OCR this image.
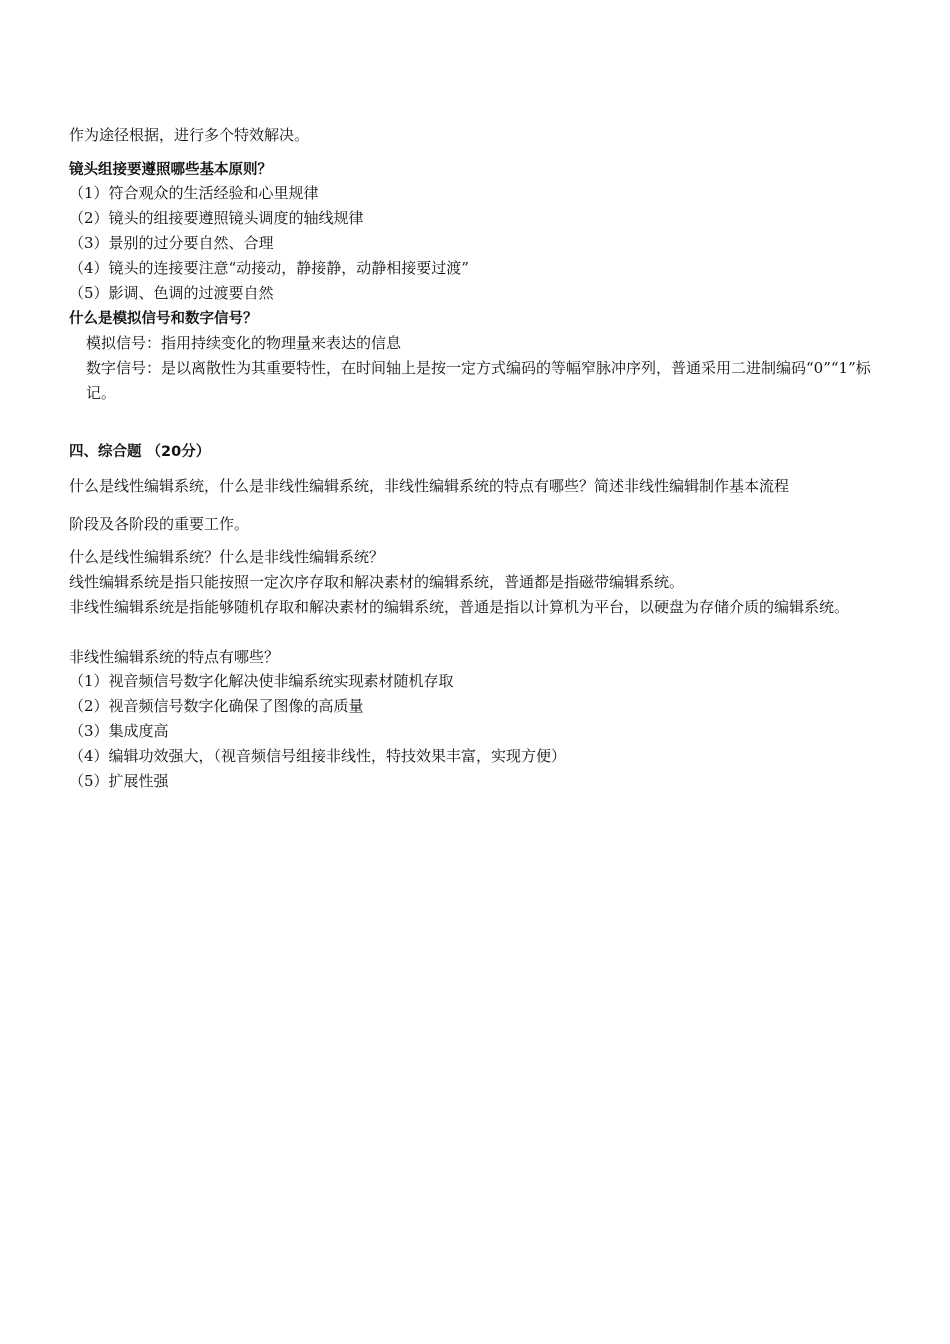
作为途径根据，进行多个特效解决。
镜头组接要遵照哪些基本原则？
（1）符合观众的生活经验和心里规律
（2）镜头的组接要遵照镜头调度的轴线规律
（3）景别的过分要自然、合理
（4）镜头的连接要注意“动接动，静接静，动静相接要过渡”
（5）影调、色调的过渡要自然
什么是模拟信号和数字信号？
模拟信号：指用持续变化的物理量来表达的信息
数字信号：是以离散性为其重要特性，在时间轴上是按一定方式编码的等幅窄脉冲序列，普通采用二进制编码“0”“1”标记。
四、综合题 （20分）
什么是线性编辑系统，什么是非线性编辑系统，非线性编辑系统的特点有哪些？简述非线性编辑制作基本流程
阶段及各阶段的重要工作。
什么是线性编辑系统？什么是非线性编辑系统？
线性编辑系统是指只能按照一定次序存取和解决素材的编辑系统，普通都是指磁带编辑系统。
非线性编辑系统是指能够随机存取和解决素材的编辑系统，普通是指以计算机为平台，以硬盘为存储介质的编辑系统。
非线性编辑系统的特点有哪些？
（1）视音频信号数字化解决使非编系统实现素材随机存取
（2）视音频信号数字化确保了图像的高质量
（3）集成度高
（4）编辑功效强大，（视音频信号组接非线性，特技效果丰富，实现方便）
（5）扩展性强
